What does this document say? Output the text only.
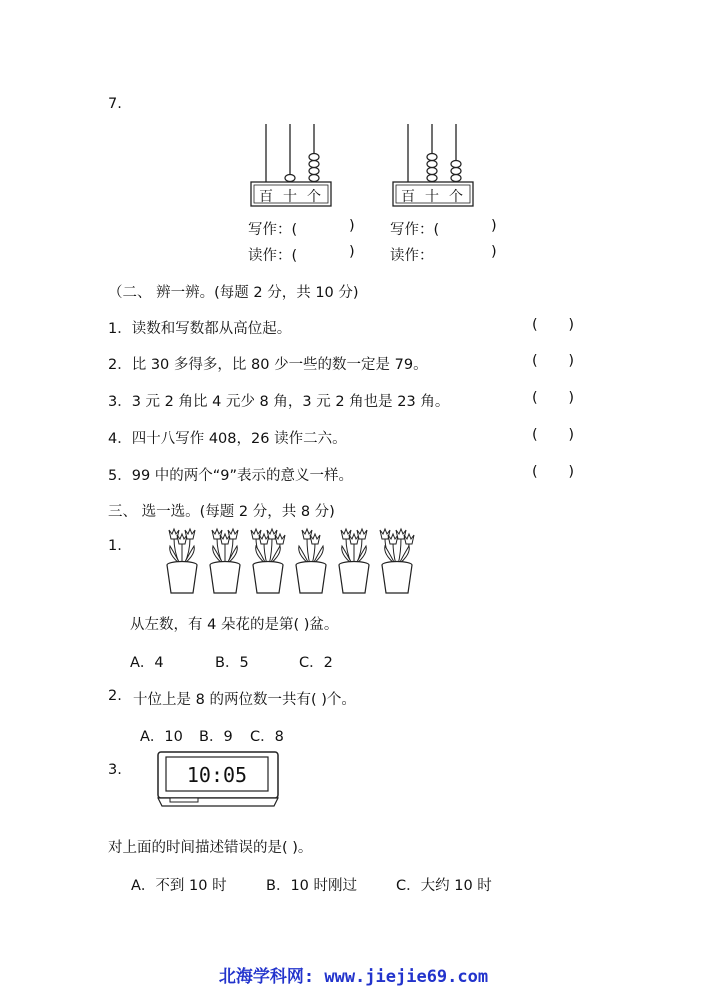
7.
百 十 个	百 十 个
写作：(	)
读作：(	)
写作：(	)
读作：	)
（二、 辨一辨。(每题 2 分，共 10 分)
1．读数和写数都从高位起。	( )
2．比 30 多得多，比 80 少一些的数一定是 79。	( )
3．3 元 2 角比 4 元少 8 角，3 元 2 角也是 23 角。	( )
4．四十八写作 408，26 读作二六。	( )
5．99 中的两个“9”表示的意义一样。	( )
三、 选一选。(每题 2 分，共 8 分)
1.
从左数，有 4 朵花的是第( )盆。
A．4	B．5	C．2
2. 十位上是 8 的两位数一共有( )个。
A．10 B．9 C．8
3.	10:05
对上面的时间描述错误的是( )。
A．不到 10 时	B．10 时刚过	C．大约 10 时
北海学科网: www.jiejie69.com
